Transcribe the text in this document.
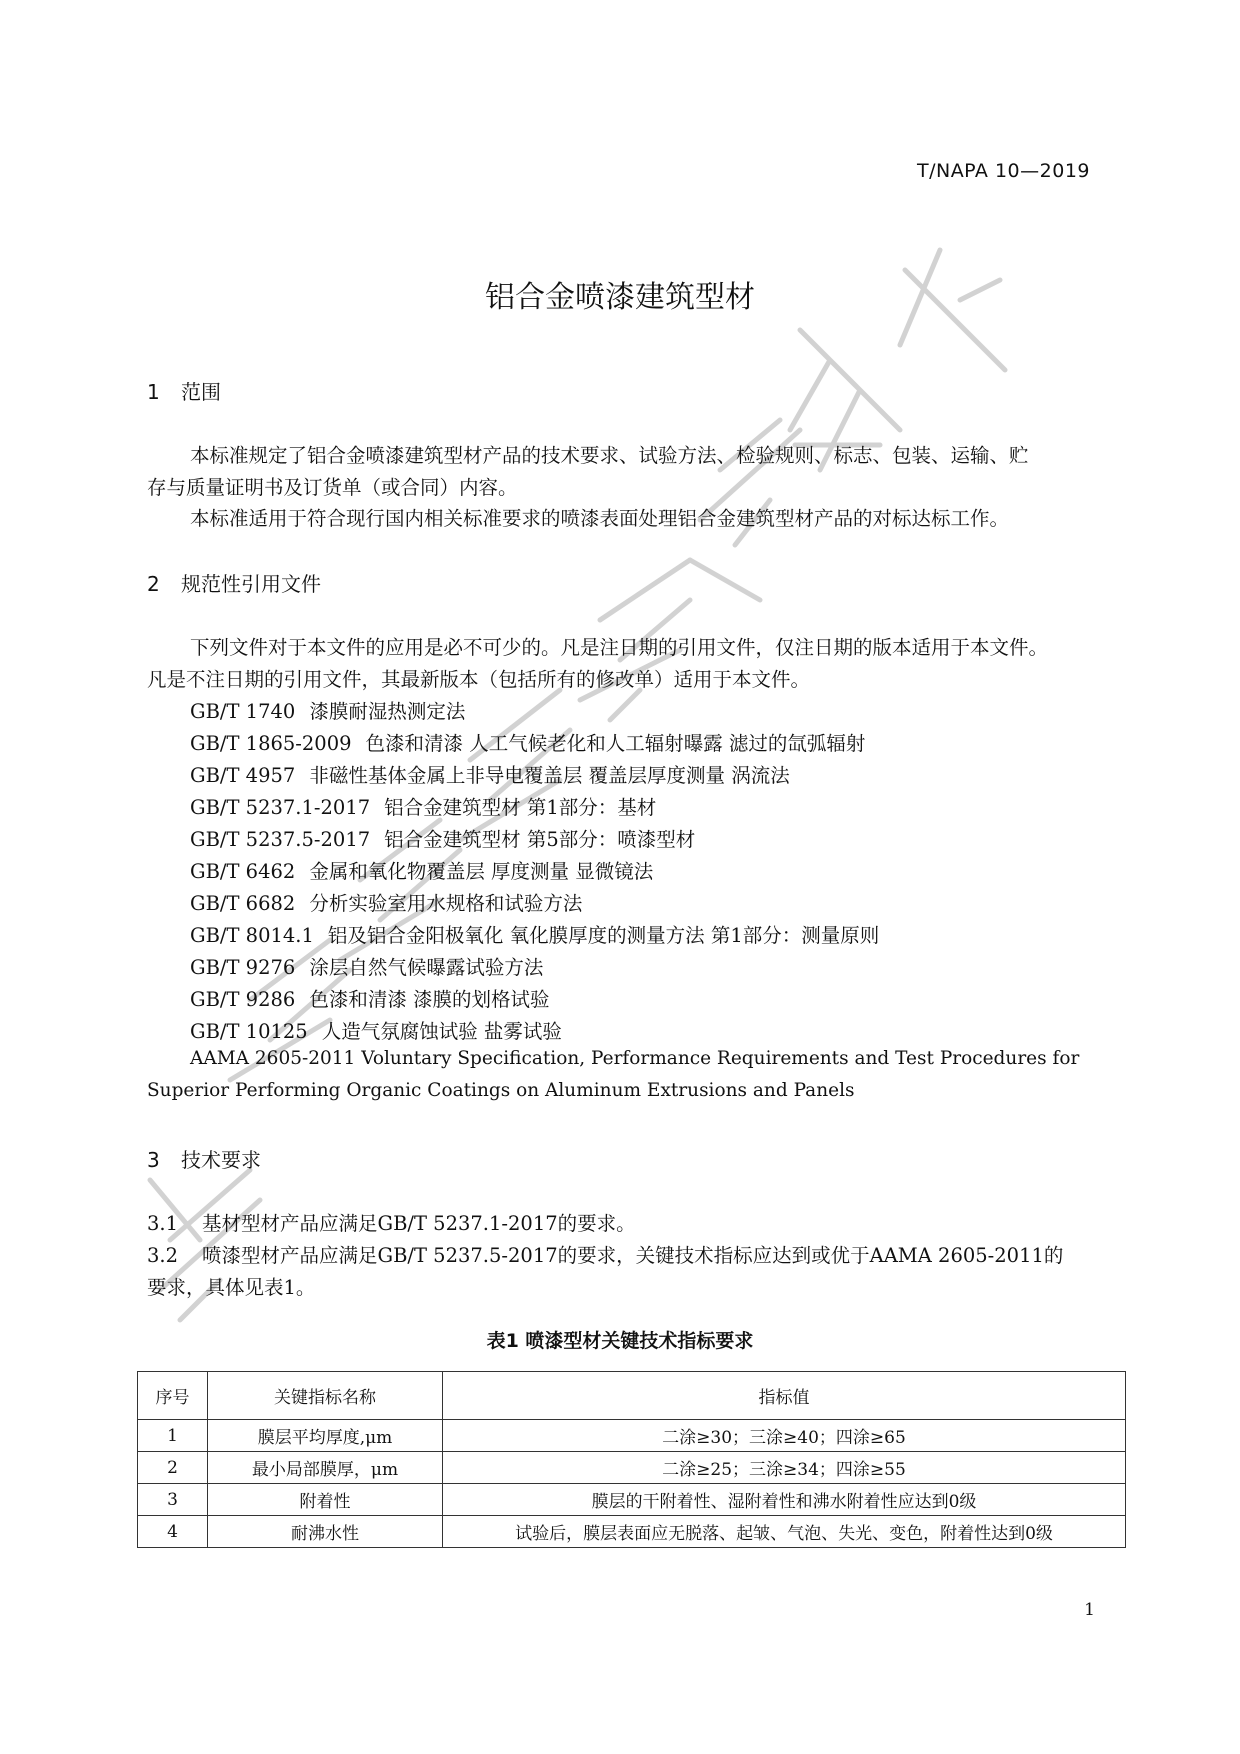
T/NAPA 10—2019
铝合金喷漆建筑型材
1 范围
本标准规定了铝合金喷漆建筑型材产品的技术要求、试验方法、检验规则、标志、包装、运输、贮
存与质量证明书及订货单（或合同）内容。
本标准适用于符合现行国内相关标准要求的喷漆表面处理铝合金建筑型材产品的对标达标工作。
2 规范性引用文件
下列文件对于本文件的应用是必不可少的。凡是注日期的引用文件，仅注日期的版本适用于本文件。
凡是不注日期的引用文件，其最新版本（包括所有的修改单）适用于本文件。
GB/T 1740 漆膜耐湿热测定法
GB/T 1865-2009 色漆和清漆 人工气候老化和人工辐射曝露 滤过的氙弧辐射
GB/T 4957 非磁性基体金属上非导电覆盖层 覆盖层厚度测量 涡流法
GB/T 5237.1-2017 铝合金建筑型材 第1部分：基材
GB/T 5237.5-2017 铝合金建筑型材 第5部分：喷漆型材
GB/T 6462 金属和氧化物覆盖层 厚度测量 显微镜法
GB/T 6682 分析实验室用水规格和试验方法
GB/T 8014.1 铝及铝合金阳极氧化 氧化膜厚度的测量方法 第1部分：测量原则
GB/T 9276 涂层自然气候曝露试验方法
GB/T 9286 色漆和清漆 漆膜的划格试验
GB/T 10125 人造气氛腐蚀试验 盐雾试验
AAMA 2605-2011 Voluntary Specification, Performance Requirements and Test Procedures for
Superior Performing Organic Coatings on Aluminum Extrusions and Panels
3 技术要求
3.1 基材型材产品应满足GB/T 5237.1-2017的要求。
3.2 喷漆型材产品应满足GB/T 5237.5-2017的要求，关键技术指标应达到或优于AAMA 2605-2011的
要求，具体见表1。
表1 喷漆型材关键技术指标要求
序号	关键指标名称	指标值
1	膜层平均厚度,μm	二涂≥30；三涂≥40；四涂≥65
2	最小局部膜厚，μm	二涂≥25；三涂≥34；四涂≥55
3	附着性	膜层的干附着性、湿附着性和沸水附着性应达到0级
4	耐沸水性	试验后，膜层表面应无脱落、起皱、气泡、失光、变色，附着性达到0级
1
